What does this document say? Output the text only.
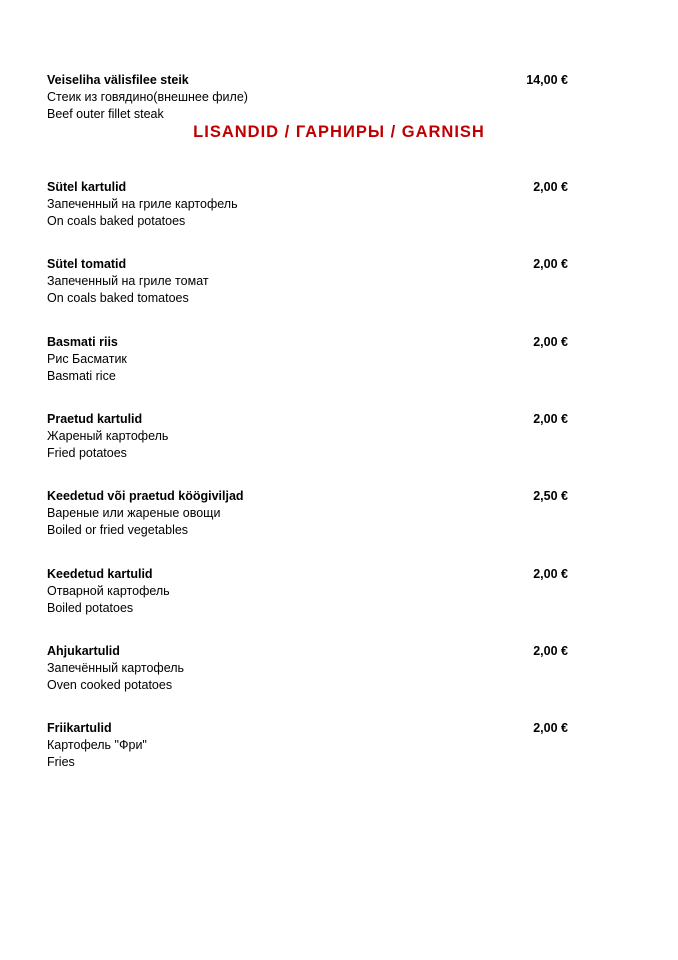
Veiseliha välisfilee steik
Стеик из говядино(внешнее филе)
Beef outer fillet steak
14,00 €
LISANDID / ГАРНИРЫ / GARNISH
Sütel kartulid
Запеченный на гриле картофель
On coals baked potatoes
2,00 €
Sütel tomatid
Запеченный на гриле томат
On coals baked tomatoes
2,00 €
Basmati riis
Рис Басматик
Basmati rice
2,00 €
Praetud kartulid
Жареный картофель
Fried potatoes
2,00 €
Keedetud või praetud köögiviljad
Вареные или жареные овощи
Boiled or fried vegetables
2,50 €
Keedetud kartulid
Отварной картофель
Boiled potatoes
2,00 €
Ahjukartulid
Запечённый картофель
Oven cooked potatoes
2,00 €
Friikartulid
Картофель "Фри"
Fries
2,00 €
